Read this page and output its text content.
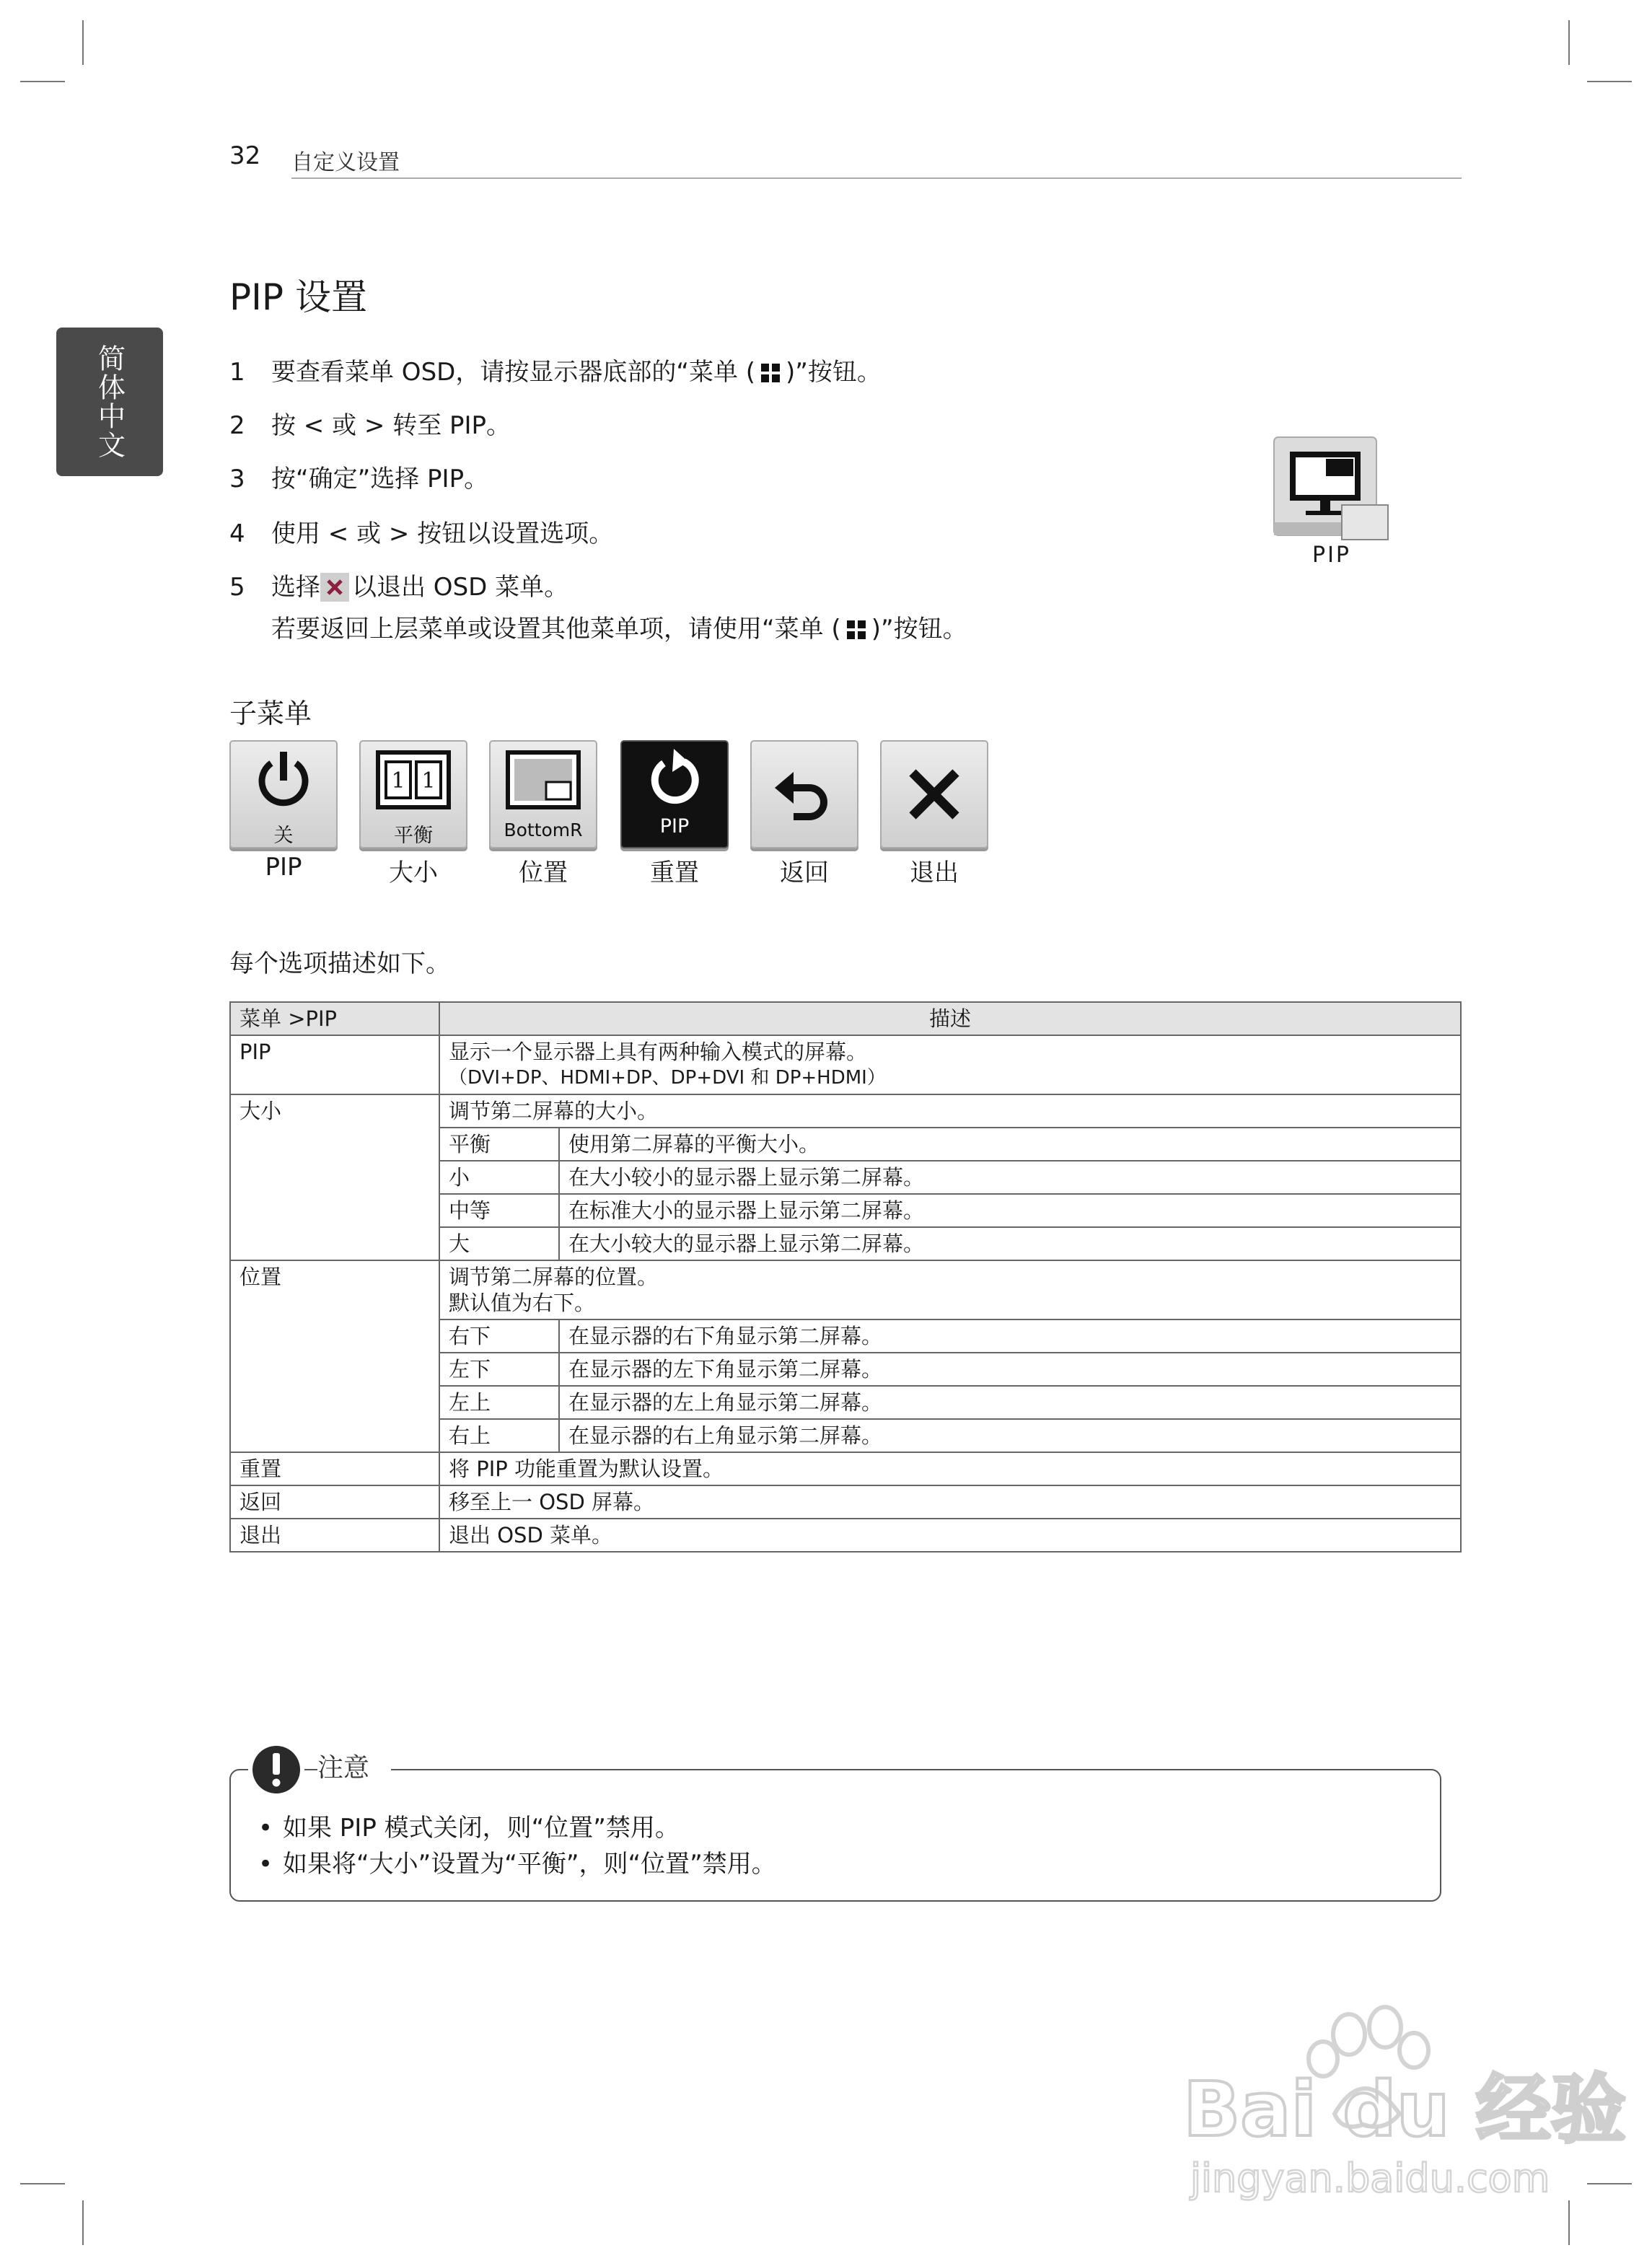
32 自定义设置
简体中文
PIP 设置
1 要查看菜单 OSD，请按显示器底部的“菜单 ( )”按钮。
2 按 < 或 > 转至 PIP。
3 按“确定”选择 PIP。
4 使用 < 或 > 按钮以设置选项。
5 选择 以退出 OSD 菜单。
若要返回上层菜单或设置其他菜单项，请使用“菜单 ( )”按钮。
PIP
子菜单
关
PIP
1 1
平衡
大小
BottomR
位置
PIP
重置	返回	退出
每个选项描述如下。
菜单 >PIP	描述	
PIP	显示一个显示器上具有两种输入模式的屏幕。
（DVI+DP、HDMI+DP、DP+DVI 和 DP+HDMI）	

大小	调节第二屏幕的大小。	
	平衡	使用第二屏幕的平衡大小。
	小	在大小较小的显示器上显示第二屏幕。
	中等	在标准大小的显示器上显示第二屏幕。
	大	在大小较大的显示器上显示第二屏幕。
位置	调节第二屏幕的位置。
默认值为右下。	

	右下	在显示器的右下角显示第二屏幕。
	左下	在显示器的左下角显示第二屏幕。
	左上	在显示器的左上角显示第二屏幕。
	右上	在显示器的右上角显示第二屏幕。
重置	将 PIP 功能重置为默认设置。	
返回	移至上一 OSD 屏幕。	
退出	退出 OSD 菜单。	
注意
• 如果 PIP 模式关闭，则“位置”禁用。
• 如果将“大小”设置为“平衡”，则“位置”禁用。
Bai du 经验
jingyan.baidu.com
